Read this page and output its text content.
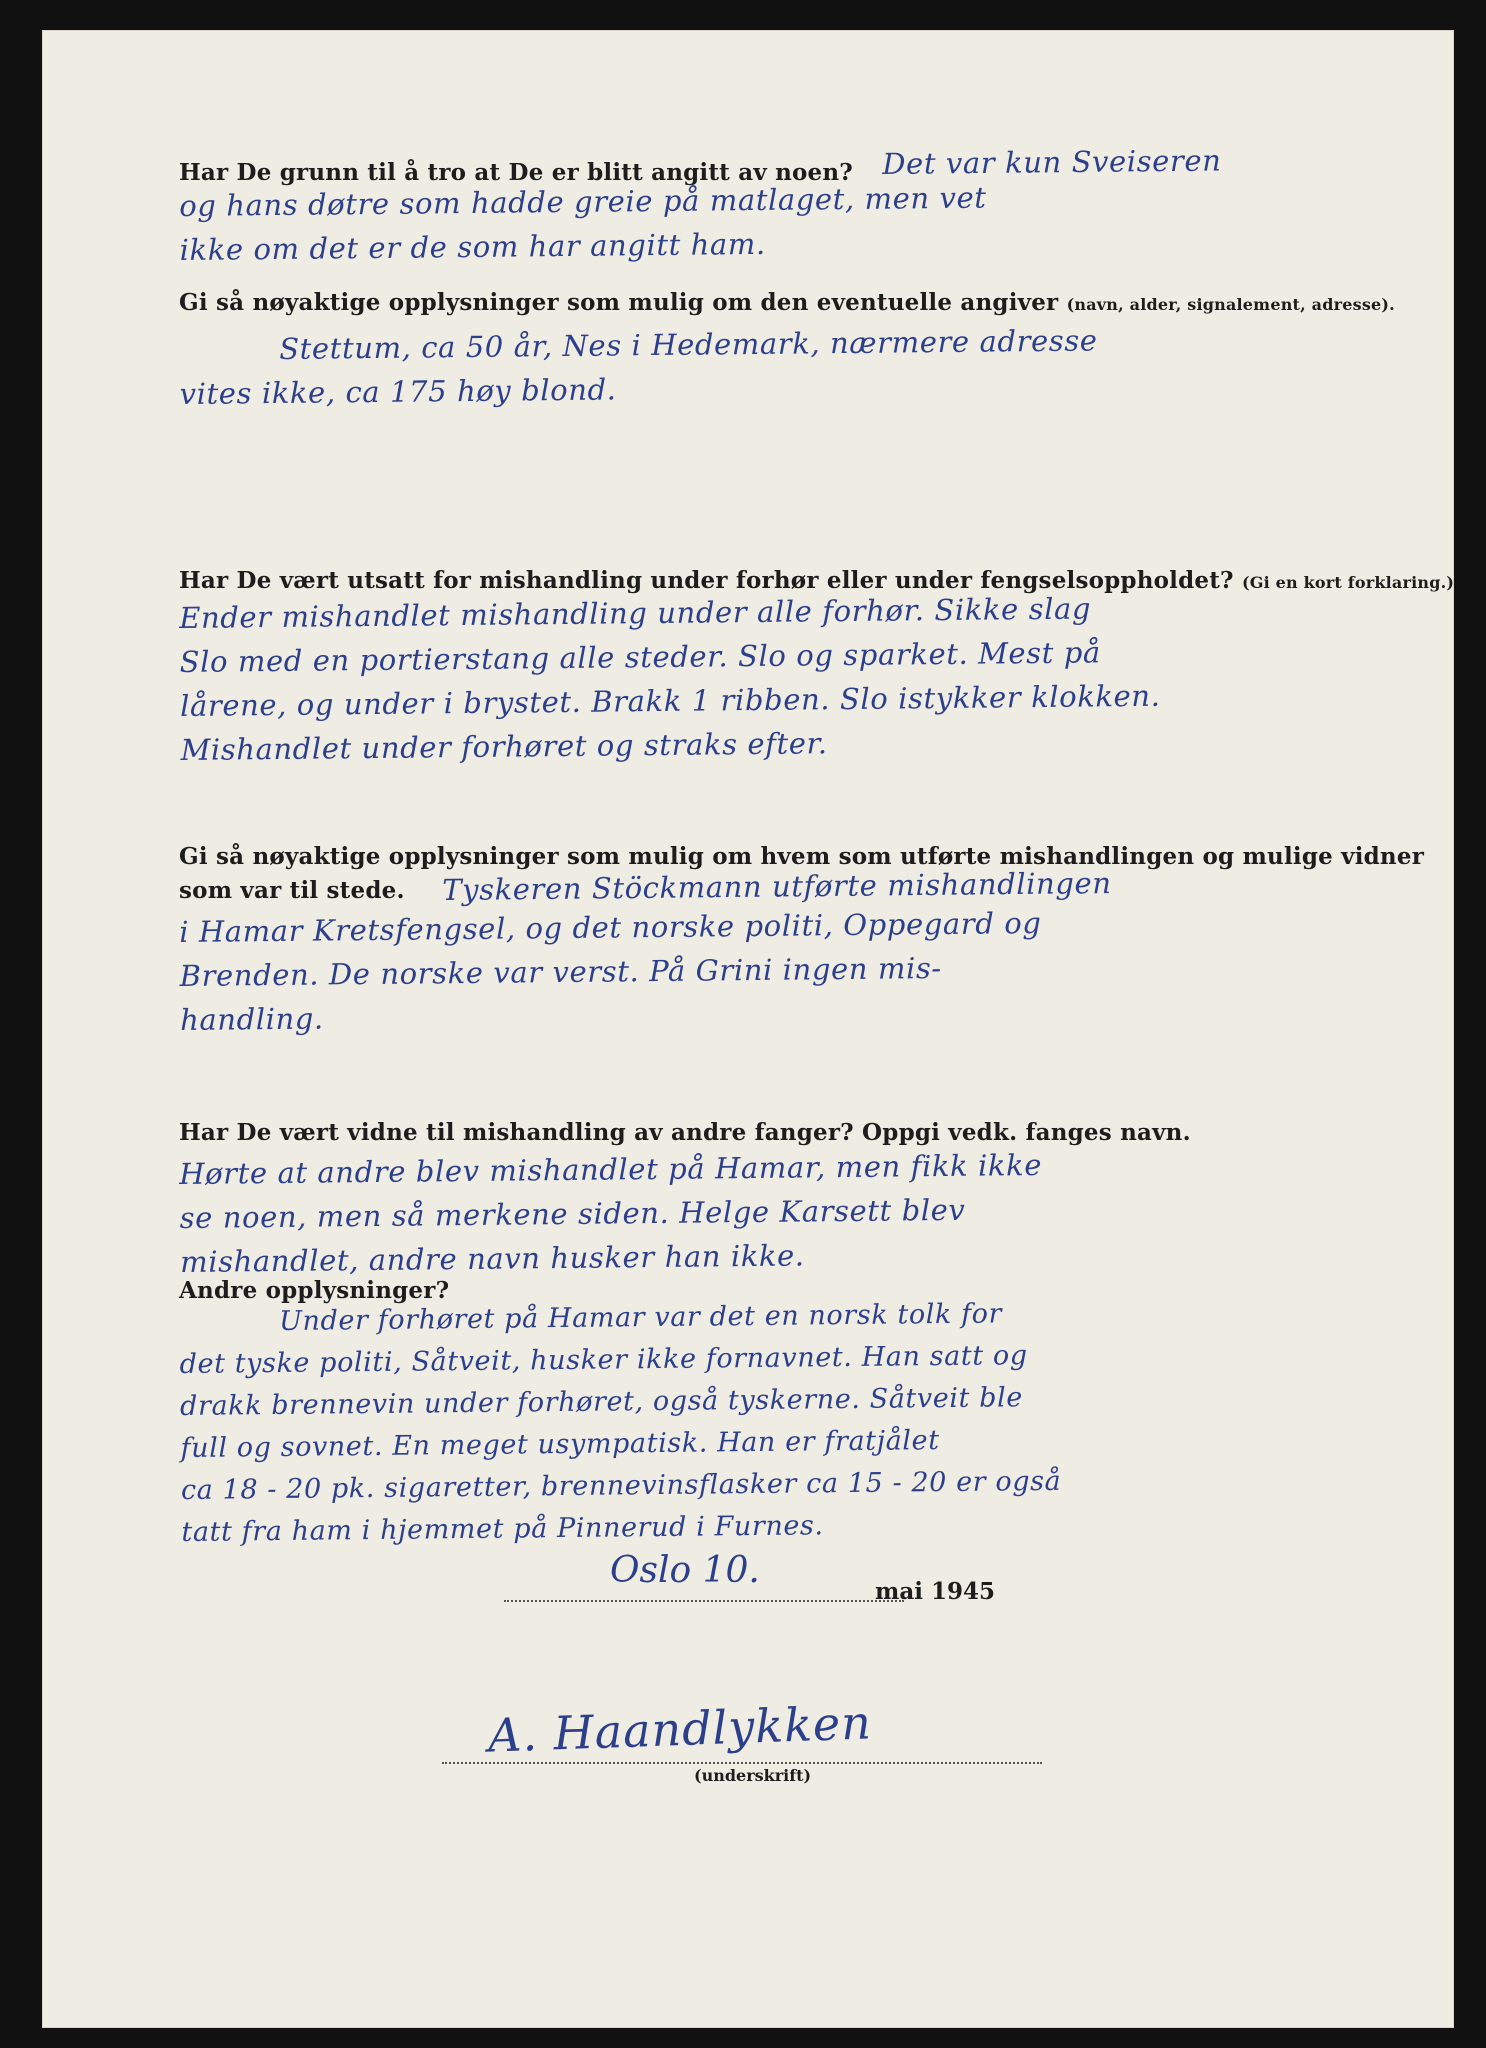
Har De grunn til å tro at De er blitt angitt av noen? Det var kun Sveiseren

og hans døtre som hadde greie på matlaget, men vet

ikke om det er de som har angitt ham.

Gi så nøyaktige opplysninger som mulig om den eventuelle angiver (navn, alder, signalement, adresse).

Stettum, ca 50 år, Nes i Hedemark, nærmere adresse

vites ikke, ca 175 høy blond.

Har De vært utsatt for mishandling under forhør eller under fengselsoppholdet? (Gi en kort forklaring.)

Ender mishandlet mishandling under alle forhør. Sikke slag

Slo med en portierstang alle steder. Slo og sparket. Mest på

lårene, og under i brystet. Brakk 1 ribben. Slo istykker klokken.

Mishandlet under forhøret og straks efter.

Gi så nøyaktige opplysninger som mulig om hvem som utførte mishandlingen og mulige vidner
som var til stede. Tyskeren Stöckmann utførte mishandlingen

i Hamar Kretsfengsel, og det norske politi, Oppegard og

Brenden. De norske var verst. På Grini ingen mis-

handling.

Har De vært vidne til mishandling av andre fanger? Oppgi vedk. fanges navn.

Hørte at andre blev mishandlet på Hamar, men fikk ikke

se noen, men så merkene siden. Helge Karsett blev

mishandlet, andre navn husker han ikke.

Andre opplysninger?

Under forhøret på Hamar var det en norsk tolk for

det tyske politi, Såtveit, husker ikke fornavnet. Han satt og

drakk brennevin under forhøret, også tyskerne. Såtveit ble

full og sovnet. En meget usympatisk. Han er fratjålet

ca 18 - 20 pk. sigaretter, brennevinsflasker ca 15 - 20 er også

tatt fra ham i hjemmet på Pinnerud i Furnes.

Oslo 10.
mai 1945
A. Haandlykken
(underskrift)
